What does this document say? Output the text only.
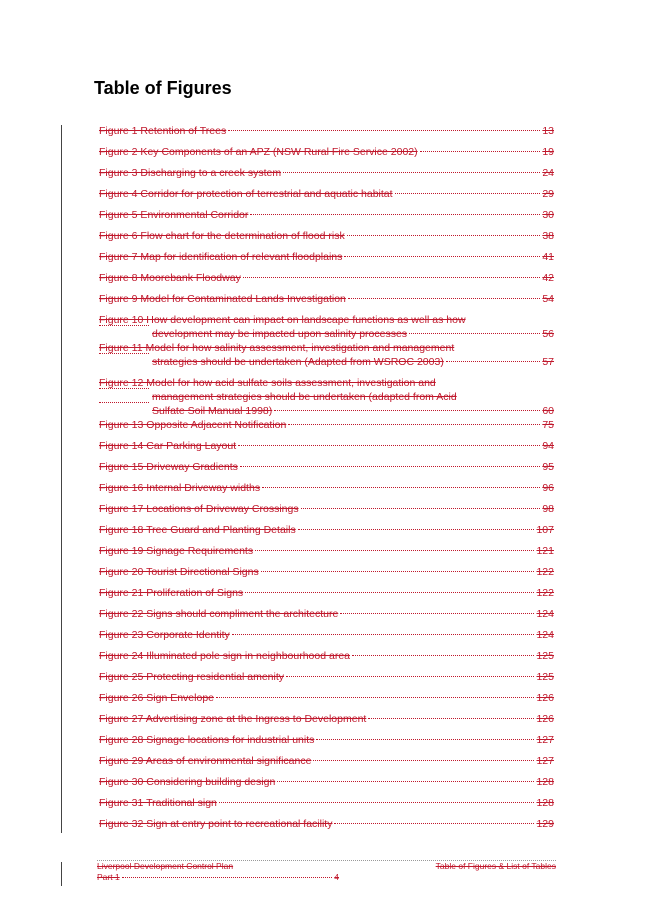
Table of Figures
Figure 1 Retention of Trees	13
Figure 2 Key Components of an APZ (NSW Rural Fire Service 2002)	19
Figure 3 Discharging to a creek system	24
Figure 4 Corridor for protection of terrestrial and aquatic habitat	29
Figure 5 Environmental Corridor	30
Figure 6 Flow chart for the determination of flood risk	38
Figure 7 Map for identification of relevant floodplains	41
Figure 8 Moorebank Floodway	42
Figure 9 Model for Contaminated Lands Investigation	54
Figure 10 How development can impact on landscape functions as well as how
development may be impacted upon salinity processes	56
Figure 11 Model for how salinity assessment, investigation and management
strategies should be undertaken (Adapted from WSROC 2003)	57
Figure 12 Model for how acid sulfate soils assessment, investigation and
management strategies should be undertaken (adapted from Acid
Sulfate Soil Manual 1998)	60
Figure 13 Opposite Adjacent Notification	75
Figure 14 Car Parking Layout	94
Figure 15 Driveway Gradients	95
Figure 16 Internal Driveway widths	96
Figure 17 Locations of Driveway Crossings	98
Figure 18 Tree Guard and Planting Details	107
Figure 19 Signage Requirements	121
Figure 20 Tourist Directional Signs	122
Figure 21 Proliferation of Signs	122
Figure 22 Signs should compliment the architecture	124
Figure 23 Corporate Identity	124
Figure 24 Illuminated pole sign in neighbourhood area	125
Figure 25 Protecting residential amenity	125
Figure 26 Sign Envelope	126
Figure 27 Advertising zone at the Ingress to Development	126
Figure 28 Signage locations for industrial units	127
Figure 29 Areas of environmental significance	127
Figure 30 Considering building design	128
Figure 31 Traditional sign	128
Figure 32 Sign at entry point to recreational facility	129
Liverpool Development Control Plan	Table of Figures & List of Tables
Part 1	4
